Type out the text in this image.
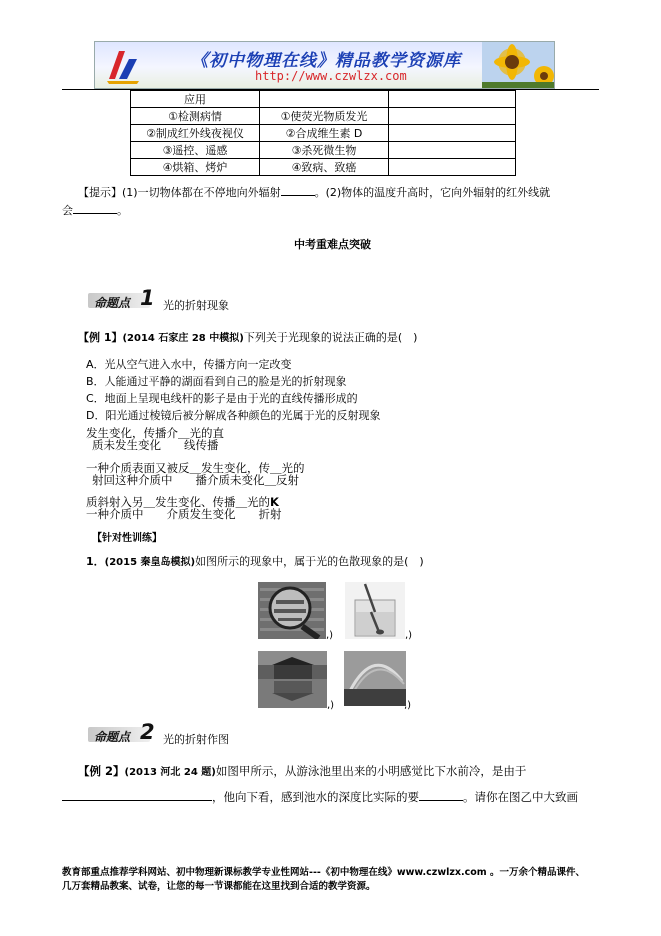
《初中物理在线》精品教学资源库
http://www.czwlzx.com
应用		
①检测病情	①使荧光物质发光	
②制成红外线夜视仪	②合成维生素 D	
③遥控、遥感	③杀死微生物	
④烘箱、烤炉	④致病、致癌	
【提示】(1)一切物体都在不停地向外辐射	。(2)物体的温度升高时，它向外辐射的红外线就
会	。
中考重难点突破
命题点 1 光的折射现象
【例 1】(2014 石家庄 28 中模拟)下列关于光现象的说法正确的是(　)
A．光从空气进入水中，传播方向一定改变
B．人能通过平静的湖面看到自己的脸是光的折射现象
C．地面上呈现电线杆的影子是由于光的直线传播形成的
D．阳光通过棱镜后被分解成各种颜色的光属于光的反射现象
发生变化，传播介＿光的直
质未发生变化　　线传播
一种介质表面又被反＿发生变化，传＿光的
射回这种介质中　　播介质未变化＿反射
质斜射入另＿发生变化、传播＿光的K
一种介质中　　介质发生变化　　折射
【针对性训练】
1．(2015 秦皇岛模拟)如图所示的现象中，属于光的色散现象的是(　)
,)	,)
,)	,)
命题点 2 光的折射作图
【例 2】(2013 河北 24 题)如图甲所示，从游泳池里出来的小明感觉比下水前冷，是由于
，他向下看，感到池水的深度比实际的要	。请你在图乙中大致画
教育部重点推荐学科网站、初中物理新课标教学专业性网站---《初中物理在线》www.czwlzx.com 。一万余个精品课件、
几万套精品教案、试卷，让您的每一节课都能在这里找到合适的教学资源。
